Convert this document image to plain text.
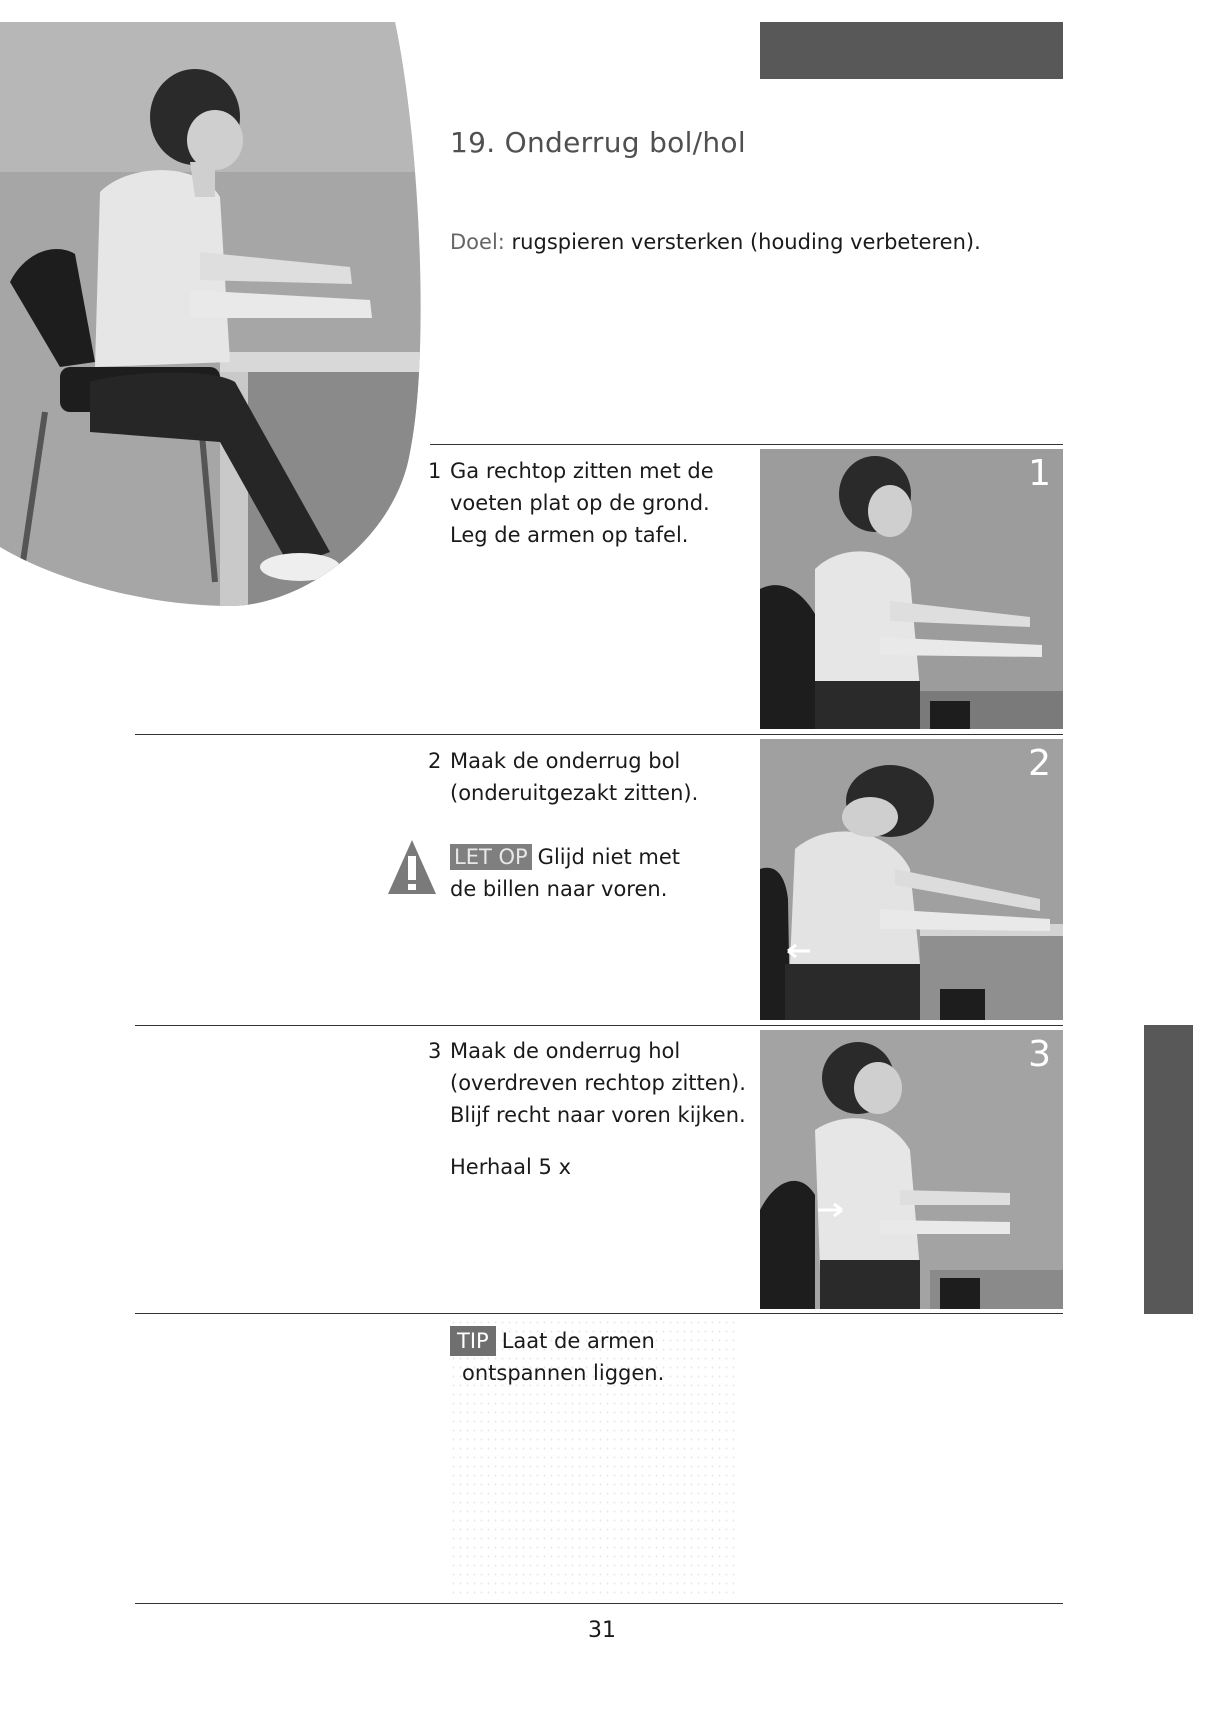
19. Onderrug bol/hol
Doel: rugspieren versterken (houding verbeteren).
1 Ga rechtop zitten met de
voeten plat op de grond.
Leg de armen op tafel.
1
2 Maak de onderrug bol
(onderuitgezakt zitten).
LET OP Glijd niet met
de billen naar voren.
2
3 Maak de onderrug hol
(overdreven rechtop zitten).
Blijf recht naar voren kijken.
Herhaal 5 x
3
TIP Laat de armen
ontspannen liggen.
31
